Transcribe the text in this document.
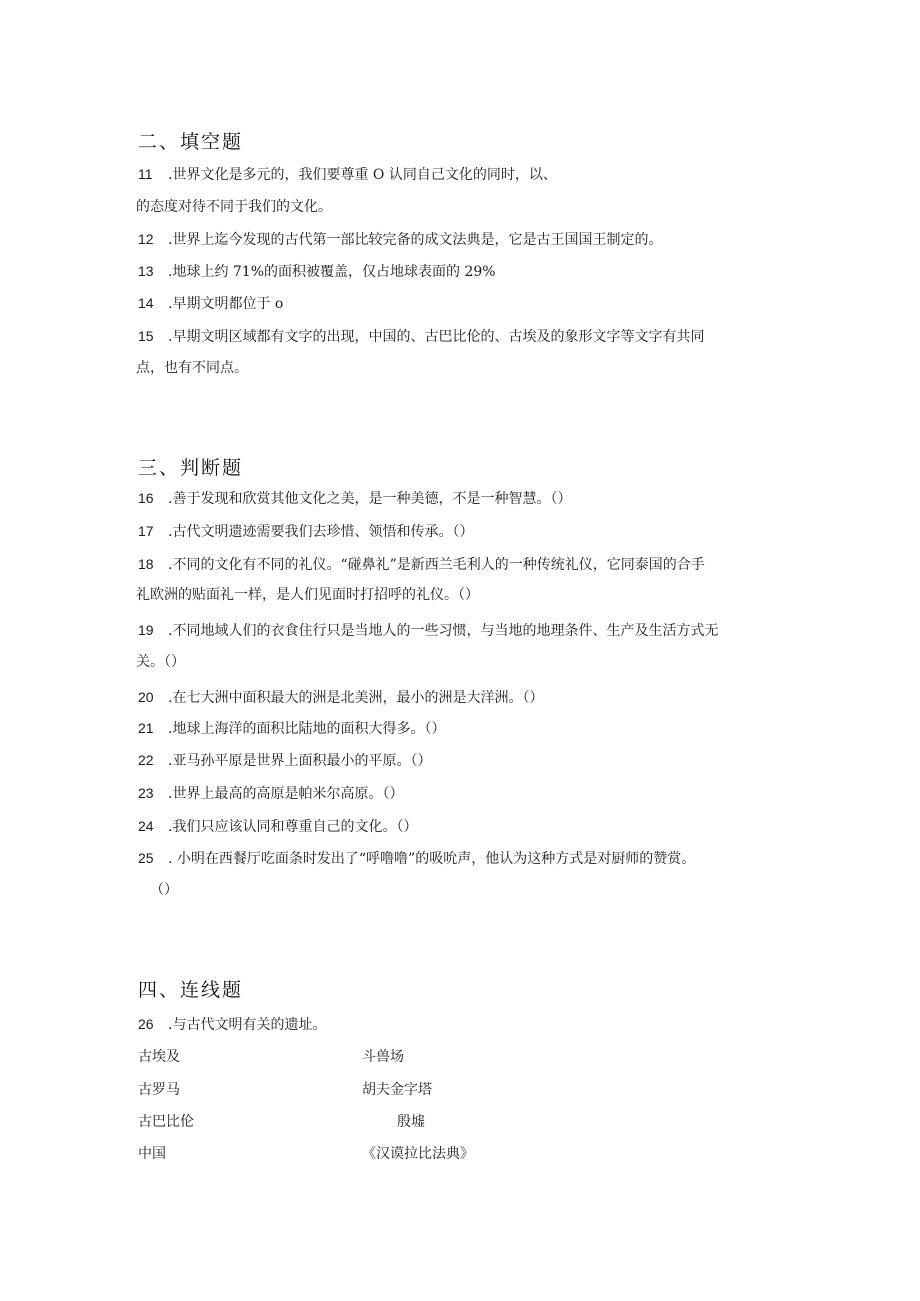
二、填空题
11 .世界文化是多元的，我们要尊重 O 认同自己文化的同时，以、
的态度对待不同于我们的文化。
12 .世界上迄今发现的古代第一部比较完备的成文法典是，它是古王国国王制定的。
13 .地球上约 71%的面积被覆盖，仅占地球表面的 29%
14 .早期文明都位于 o
15 .早期文明区域都有文字的出现，中国的、古巴比伦的、古埃及的象形文字等文字有共同
点，也有不同点。
三、判断题
16 .善于发现和欣赏其他文化之美，是一种美德，不是一种智慧。（）
17 .古代文明遗迹需要我们去珍惜、领悟和传承。（）
18 .不同的文化有不同的礼仪。“碰鼻礼”是新西兰毛利人的一种传统礼仪，它同泰国的合手
礼欧洲的贴面礼一样，是人们见面时打招呼的礼仪。（）
19 .不同地域人们的衣食住行只是当地人的一些习惯，与当地的地理条件、生产及生活方式无
关。（）
20 .在七大洲中面积最大的洲是北美洲，最小的洲是大洋洲。（）
21 .地球上海洋的面积比陆地的面积大得多。（）
22 .亚马孙平原是世界上面积最小的平原。（）
23 .世界上最高的高原是帕米尔高原。（）
24 .我们只应该认同和尊重自己的文化。（）
25 . 小明在西餐厅吃面条时发出了“呼噜噜”的吸吮声，他认为这种方式是对厨师的赞赏。
（）
四、连线题
26 .与古代文明有关的遗址。
古埃及	斗兽场
古罗马	胡夫金字塔
古巴比伦	殷墟
中国	《汉谟拉比法典》
